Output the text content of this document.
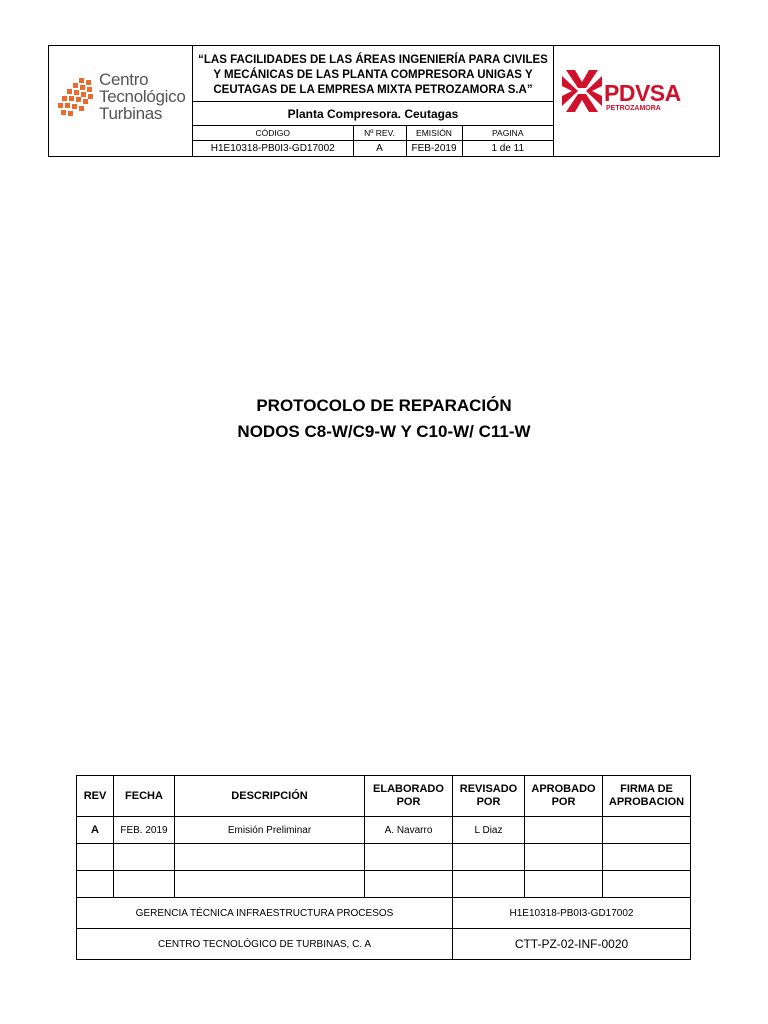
Centro
Tecnológico
Turbinas
“LAS FACILIDADES DE LAS ÁREAS INGENIERÍA PARA CIVILES Y MECÁNICAS DE LAS PLANTA COMPRESORA UNIGAS Y CEUTAGAS DE LA EMPRESA MIXTA PETROZAMORA S.A”
Planta Compresora. Ceutagas
CÓDIGO	Nº REV.	EMISIÓN	PAGINA
H1E10318-PB0I3-GD17002	A	FEB-2019	1 de 11
PDVSA
PETROZAMORA
PROTOCOLO DE REPARACIÓN
NODOS C8-W/C9-W Y C10-W/ C11-W
REV	FECHA	DESCRIPCIÓN	ELABORADO POR	REVISADO POR	APROBADO POR	FIRMA DE APROBACION
A	FEB. 2019	Emisión Preliminar	A. Navarro	L Diaz		

GERENCIA TÉCNICA INFRAESTRUCTURA PROCESOS				H1E10318-PB0I3-GD17002		
CENTRO TECNOLÓGICO DE TURBINAS, C. A				CTT-PZ-02-INF-0020		
